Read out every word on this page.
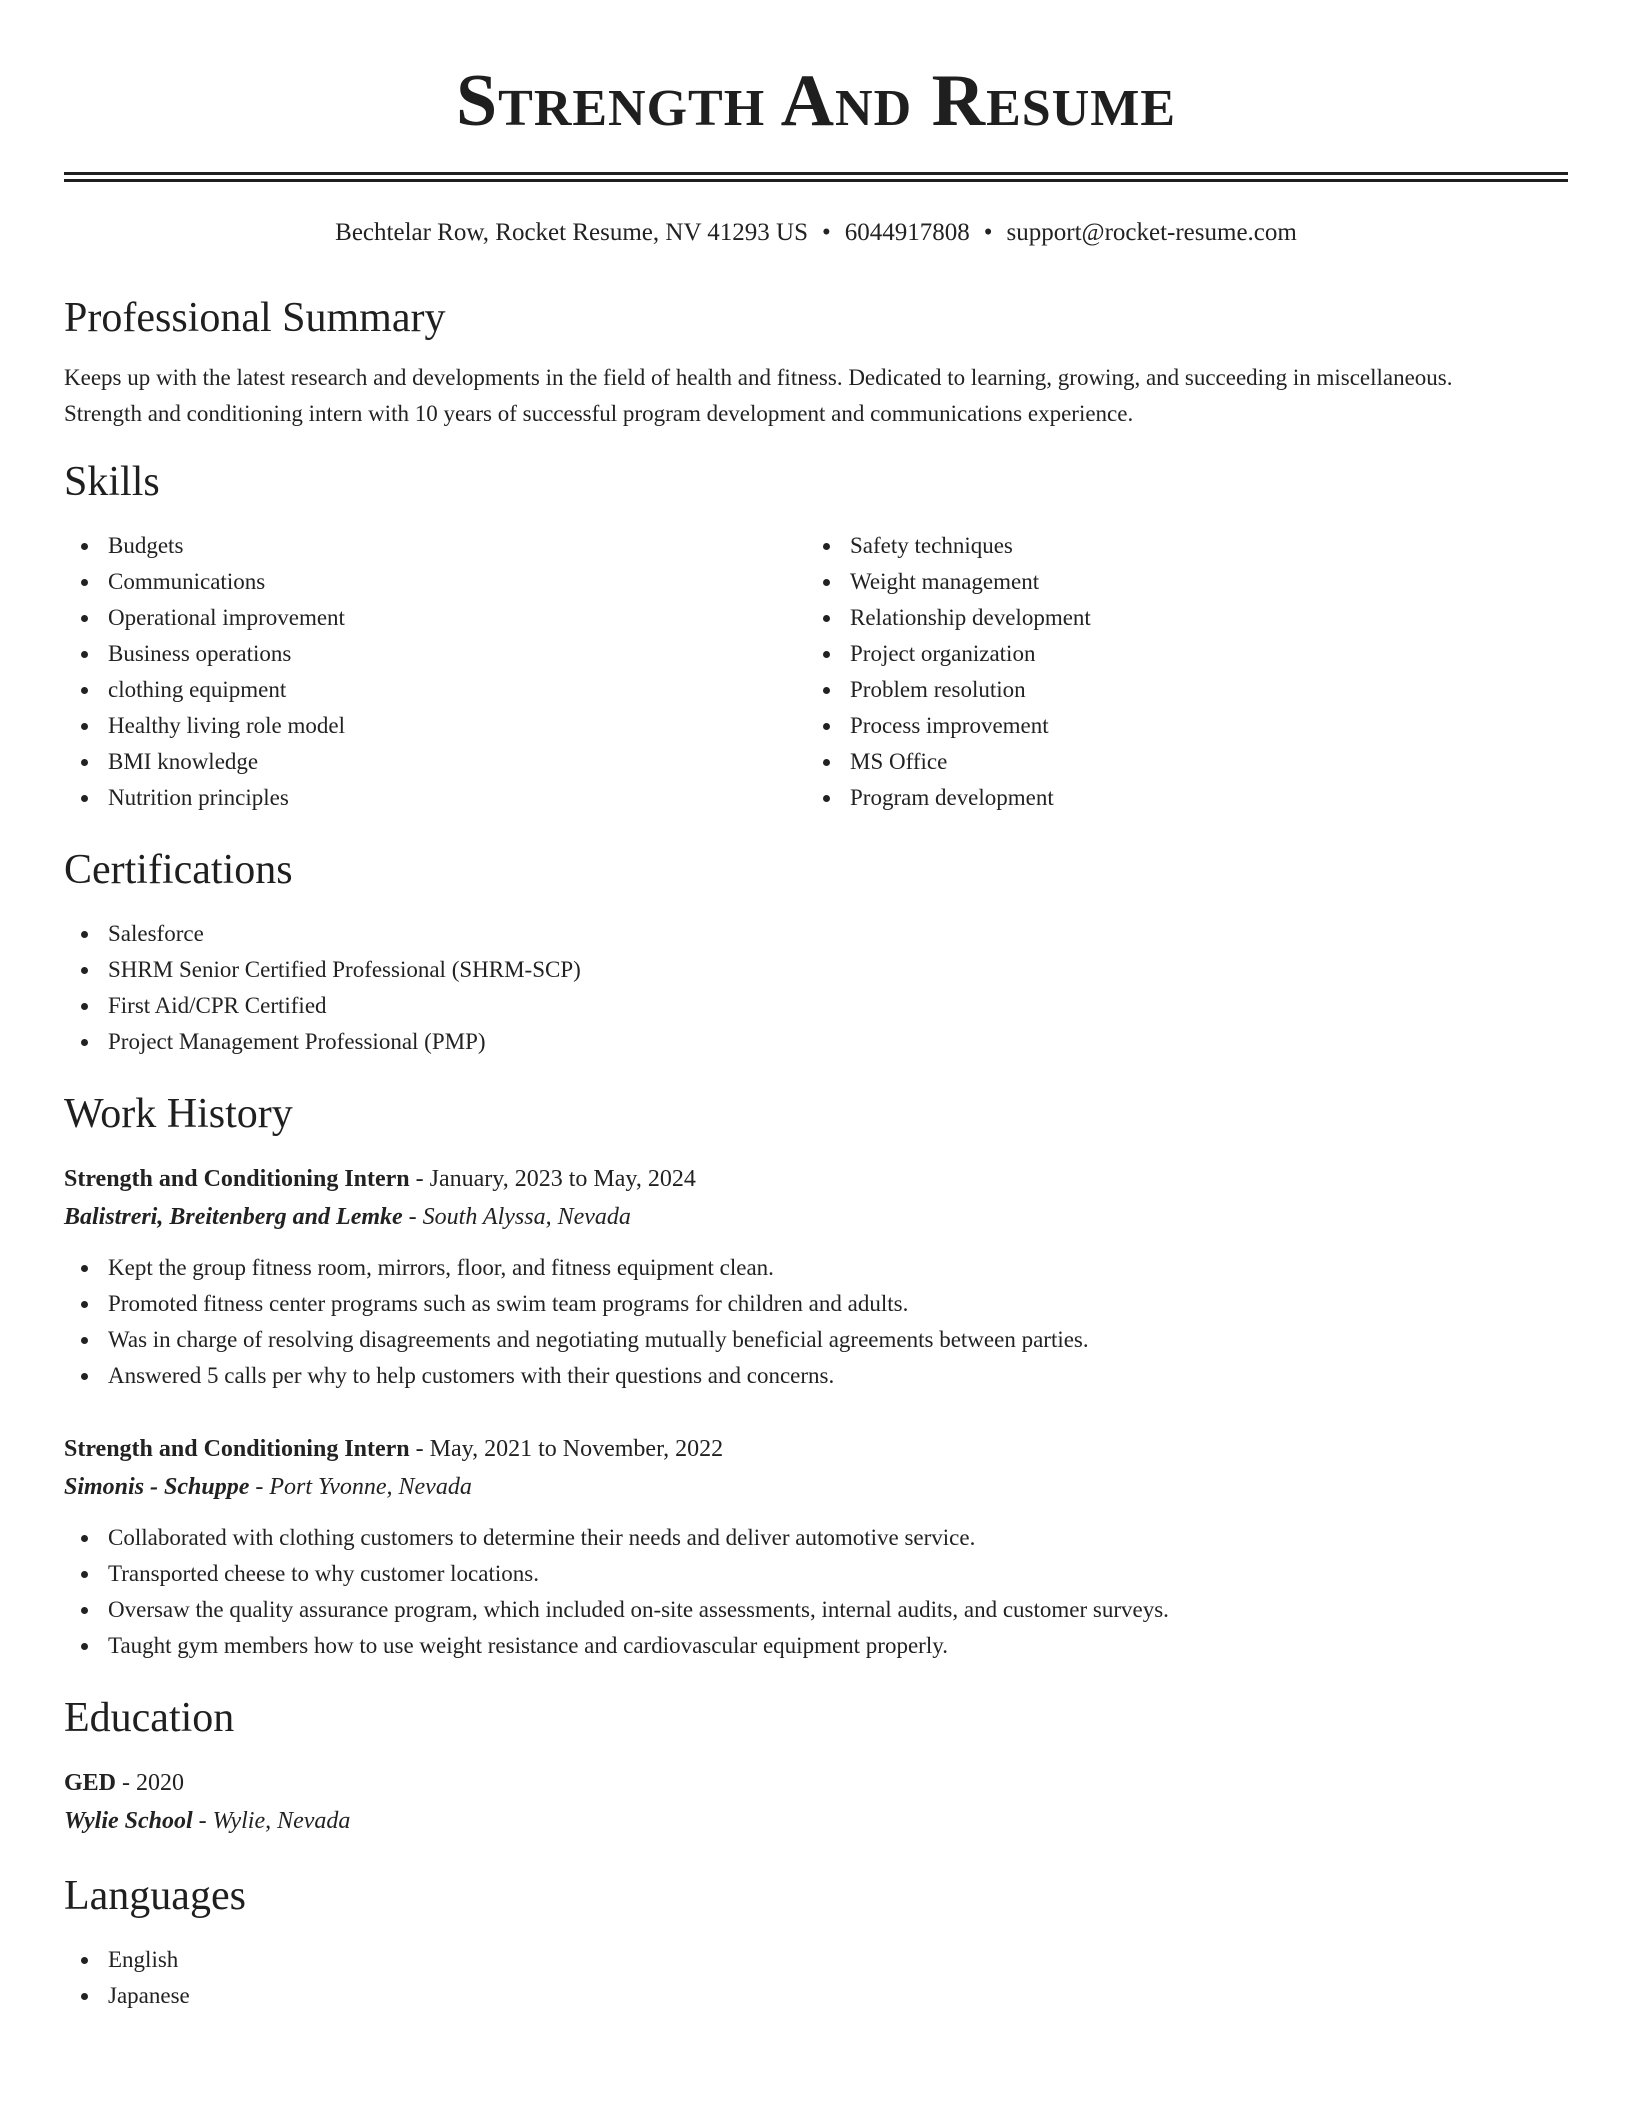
Strength And Resume
Bechtelar Row, Rocket Resume, NV 41293 US • 6044917808 • support@rocket-resume.com
Professional Summary
Keeps up with the latest research and developments in the field of health and fitness. Dedicated to learning, growing, and succeeding in miscellaneous. Strength and conditioning intern with 10 years of successful program development and communications experience.
Skills
Budgets
Communications
Operational improvement
Business operations
clothing equipment
Healthy living role model
BMI knowledge
Nutrition principles
Safety techniques
Weight management
Relationship development
Project organization
Problem resolution
Process improvement
MS Office
Program development
Certifications
Salesforce
SHRM Senior Certified Professional (SHRM-SCP)
First Aid/CPR Certified
Project Management Professional (PMP)
Work History
Strength and Conditioning Intern - January, 2023 to May, 2024
Balistreri, Breitenberg and Lemke - South Alyssa, Nevada
Kept the group fitness room, mirrors, floor, and fitness equipment clean.
Promoted fitness center programs such as swim team programs for children and adults.
Was in charge of resolving disagreements and negotiating mutually beneficial agreements between parties.
Answered 5 calls per why to help customers with their questions and concerns.
Strength and Conditioning Intern - May, 2021 to November, 2022
Simonis - Schuppe - Port Yvonne, Nevada
Collaborated with clothing customers to determine their needs and deliver automotive service.
Transported cheese to why customer locations.
Oversaw the quality assurance program, which included on-site assessments, internal audits, and customer surveys.
Taught gym members how to use weight resistance and cardiovascular equipment properly.
Education
GED - 2020
Wylie School - Wylie, Nevada
Languages
English
Japanese
